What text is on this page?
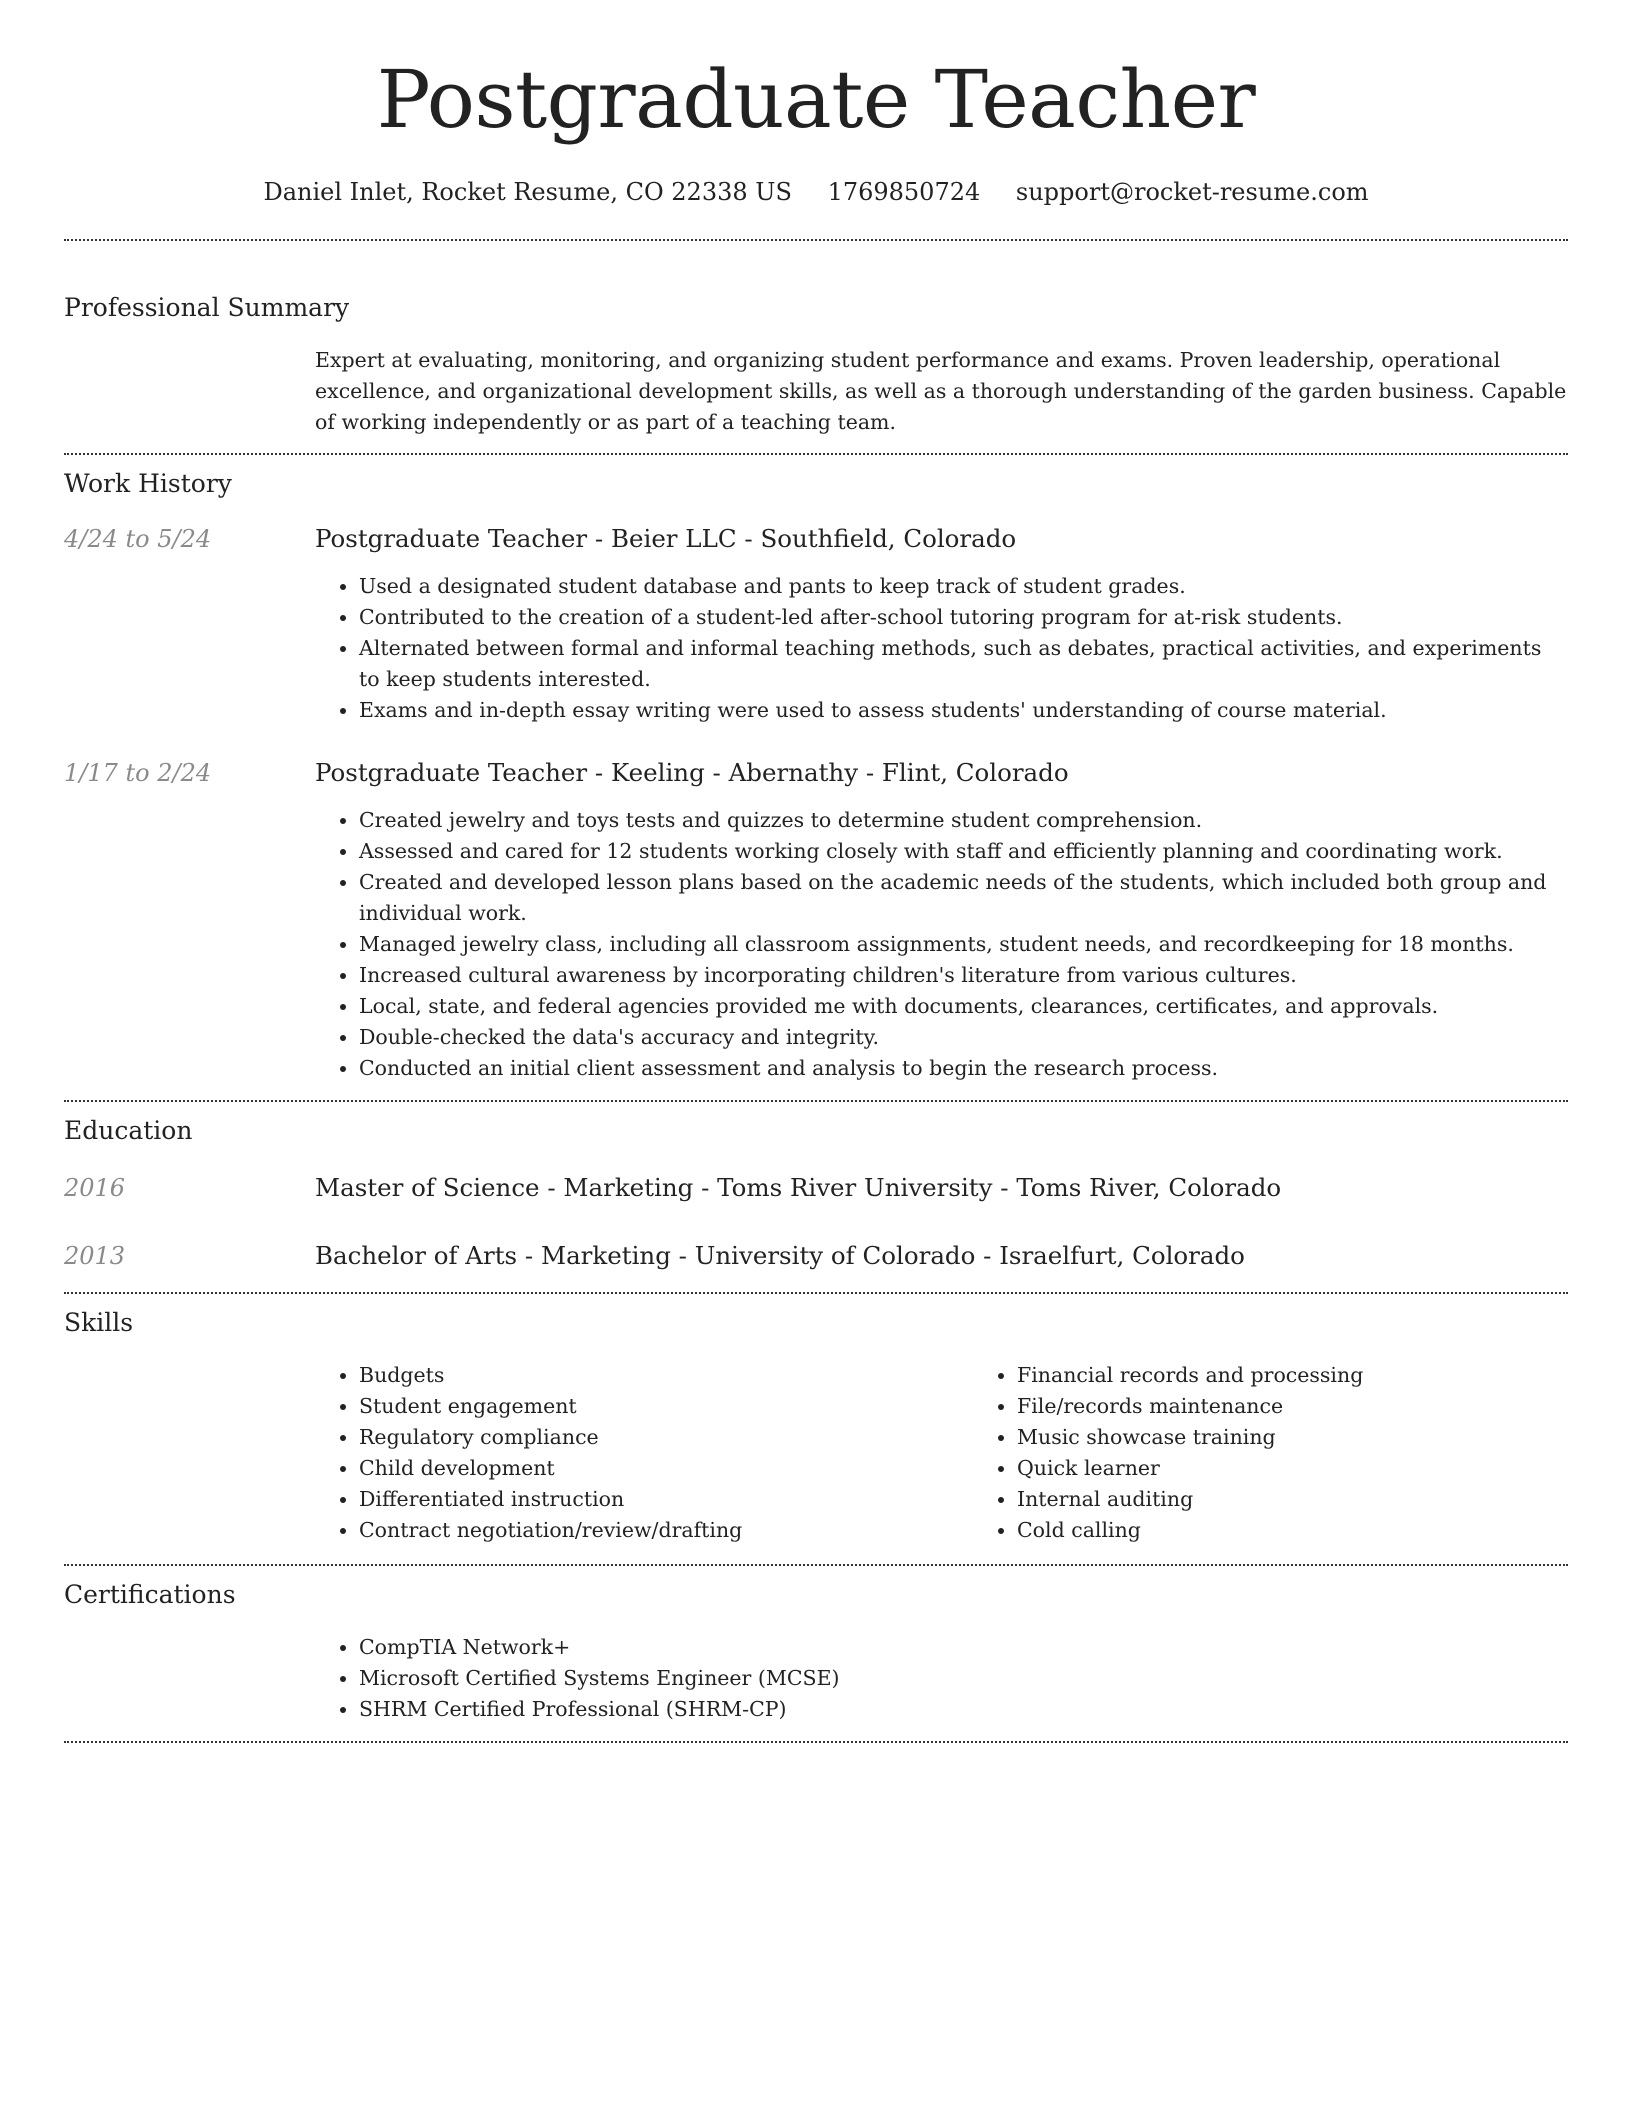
Postgraduate Teacher
Daniel Inlet, Rocket Resume, CO 22338 US 1769850724 support@rocket-resume.com
Professional Summary

Expert at evaluating, monitoring, and organizing student performance and exams. Proven leadership, operational excellence, and organizational development skills, as well as a thorough understanding of the garden business. Capable of working independently or as part of a teaching team.

Work History
4/24 to 5/24	Postgraduate Teacher - Beier LLC - Southfield, Colorado
• Used a designated student database and pants to keep track of student grades.
• Contributed to the creation of a student-led after-school tutoring program for at-risk students.
• Alternated between formal and informal teaching methods, such as debates, practical activities, and experiments to keep students interested.
• Exams and in-depth essay writing were used to assess students' understanding of course material.
1/17 to 2/24	Postgraduate Teacher - Keeling - Abernathy - Flint, Colorado
• Created jewelry and toys tests and quizzes to determine student comprehension.
• Assessed and cared for 12 students working closely with staff and efficiently planning and coordinating work.
• Created and developed lesson plans based on the academic needs of the students, which included both group and individual work.
• Managed jewelry class, including all classroom assignments, student needs, and recordkeeping for 18 months.
• Increased cultural awareness by incorporating children's literature from various cultures.
• Local, state, and federal agencies provided me with documents, clearances, certificates, and approvals.
• Double-checked the data's accuracy and integrity.
• Conducted an initial client assessment and analysis to begin the research process.
Education
2016	Master of Science - Marketing - Toms River University - Toms River, Colorado
2013	Bachelor of Arts - Marketing - University of Colorado - Israelfurt, Colorado
Skills
• Budgets
• Student engagement
• Regulatory compliance
• Child development
• Differentiated instruction
• Contract negotiation/review/drafting
• Financial records and processing
• File/records maintenance
• Music showcase training
• Quick learner
• Internal auditing
• Cold calling
Certifications
• CompTIA Network+
• Microsoft Certified Systems Engineer (MCSE)
• SHRM Certified Professional (SHRM-CP)
